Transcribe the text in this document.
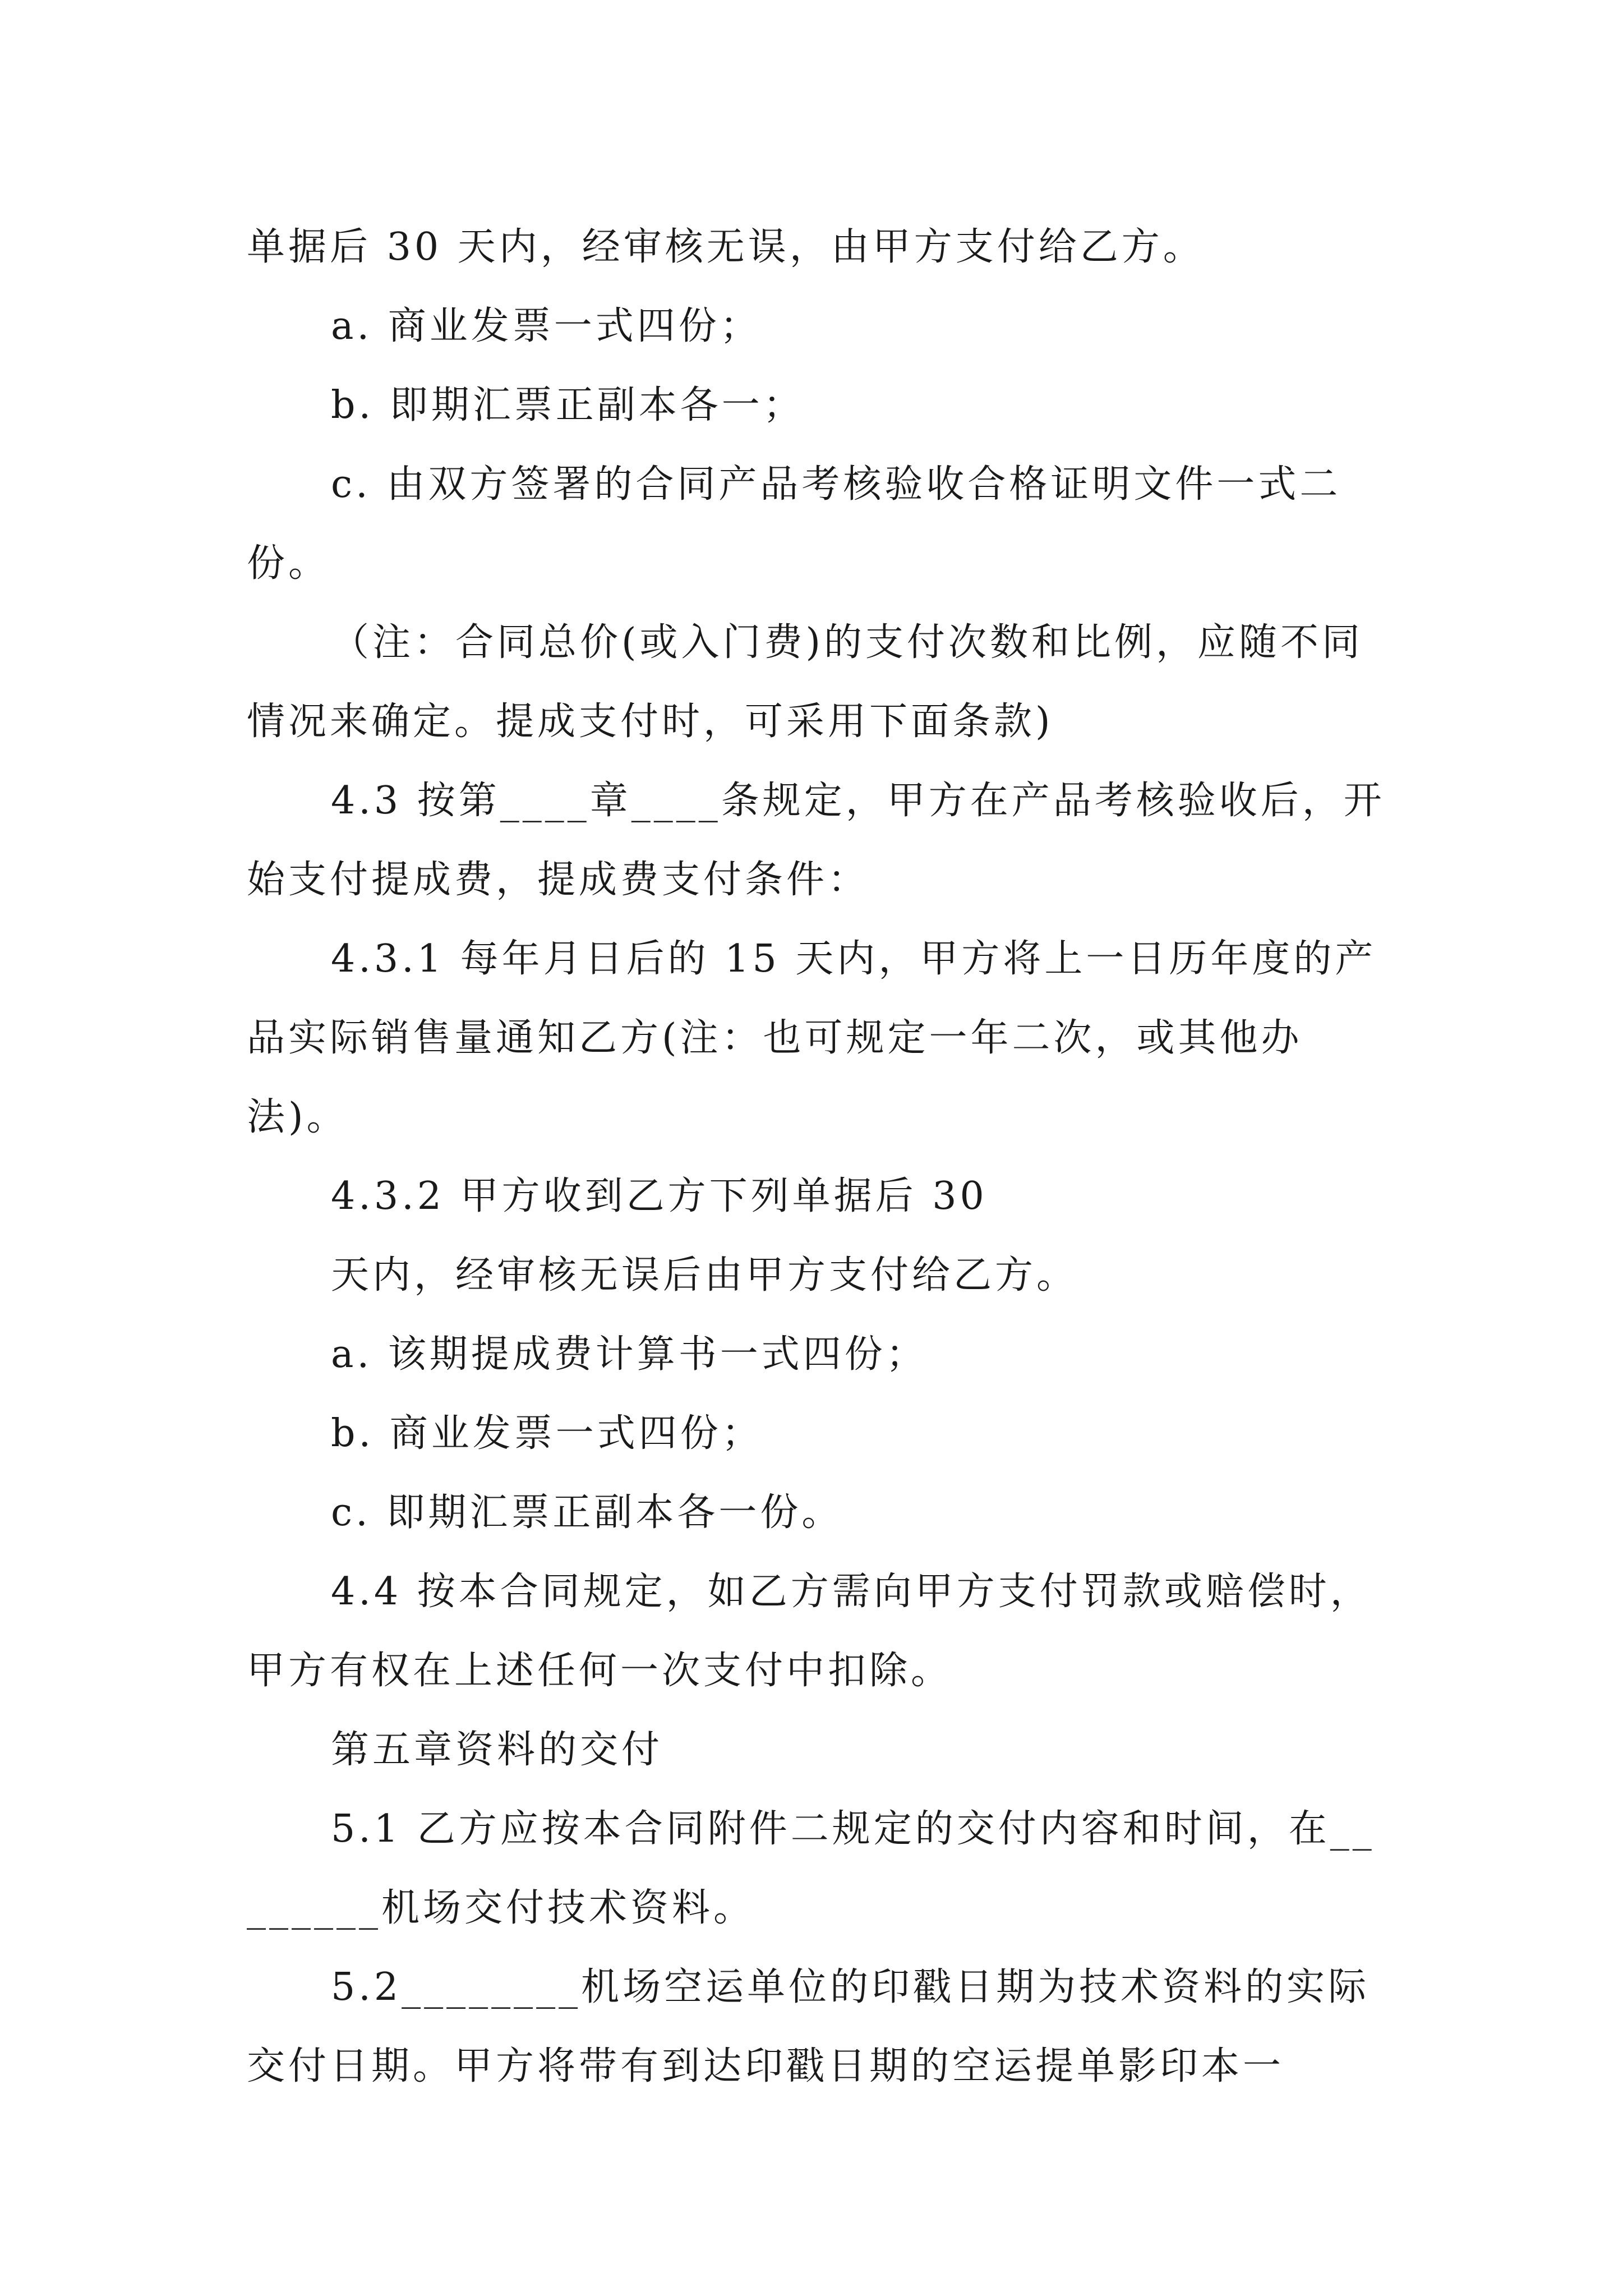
单据后 30 天内，经审核无误，由甲方支付给乙方。

a. 商业发票一式四份；

b. 即期汇票正副本各一；

c. 由双方签署的合同产品考核验收合格证明文件一式二份。

（注：合同总价(或入门费)的支付次数和比例，应随不同情况来确定。提成支付时，可采用下面条款)

4.3 按第____章____条规定，甲方在产品考核验收后，开始支付提成费，提成费支付条件：

4.3.1 每年月日后的 15 天内，甲方将上一日历年度的产品实际销售量通知乙方(注：也可规定一年二次，或其他办法)。

4.3.2 甲方收到乙方下列单据后 30

天内，经审核无误后由甲方支付给乙方。

a. 该期提成费计算书一式四份；

b. 商业发票一式四份；

c. 即期汇票正副本各一份。

4.4 按本合同规定，如乙方需向甲方支付罚款或赔偿时，甲方有权在上述任何一次支付中扣除。

第五章资料的交付

5.1 乙方应按本合同附件二规定的交付内容和时间，在________机场交付技术资料。

5.2________机场空运单位的印戳日期为技术资料的实际交付日期。甲方将带有到达印戳日期的空运提单影印本一
